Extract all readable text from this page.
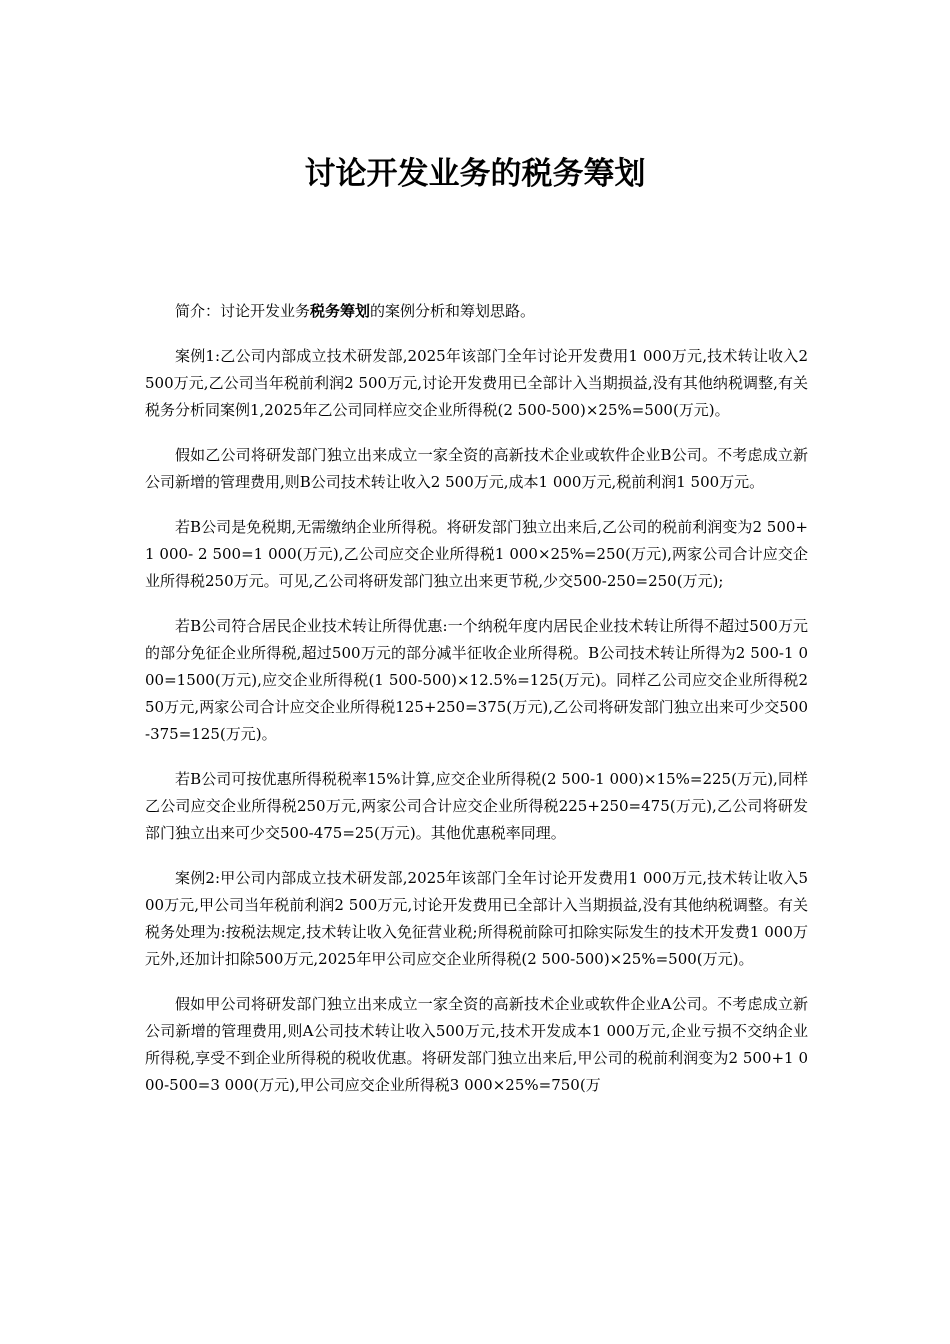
讨论开发业务的税务筹划

简介：讨论开发业务税务筹划的案例分析和筹划思路。

案例1:乙公司内部成立技术研发部,2025年该部门全年讨论开发费用1 000万元,技术转让收入2 500万元,乙公司当年税前利润2 500万元,讨论开发费用已全部计入当期损益,没有其他纳税调整,有关税务分析同案例1,2025年乙公司同样应交企业所得税(2 500-500)×25%=500(万元)。

假如乙公司将研发部门独立出来成立一家全资的高新技术企业或软件企业B公司。不考虑成立新公司新增的管理费用,则B公司技术转让收入2 500万元,成本1 000万元,税前利润1 500万元。

若B公司是免税期,无需缴纳企业所得税。将研发部门独立出来后,乙公司的税前利润变为2 500+1 000- 2 500=1 000(万元),乙公司应交企业所得税1 000×25%=250(万元),两家公司合计应交企业所得税250万元。可见,乙公司将研发部门独立出来更节税,少交500-250=250(万元);

若B公司符合居民企业技术转让所得优惠:一个纳税年度内居民企业技术转让所得不超过500万元的部分免征企业所得税,超过500万元的部分减半征收企业所得税。B公司技术转让所得为2 500-1 000=1500(万元),应交企业所得税(1 500-500)×12.5%=125(万元)。同样乙公司应交企业所得税250万元,两家公司合计应交企业所得税125+250=375(万元),乙公司将研发部门独立出来可少交500-375=125(万元)。

若B公司可按优惠所得税税率15%计算,应交企业所得税(2 500-1 000)×15%=225(万元),同样乙公司应交企业所得税250万元,两家公司合计应交企业所得税225+250=475(万元),乙公司将研发部门独立出来可少交500-475=25(万元)。其他优惠税率同理。

案例2:甲公司内部成立技术研发部,2025年该部门全年讨论开发费用1 000万元,技术转让收入500万元,甲公司当年税前利润2 500万元,讨论开发费用已全部计入当期损益,没有其他纳税调整。有关税务处理为:按税法规定,技术转让收入免征营业税;所得税前除可扣除实际发生的技术开发费1 000万元外,还加计扣除500万元,2025年甲公司应交企业所得税(2 500-500)×25%=500(万元)。

假如甲公司将研发部门独立出来成立一家全资的高新技术企业或软件企业A公司。不考虑成立新公司新增的管理费用,则A公司技术转让收入500万元,技术开发成本1 000万元,企业亏损不交纳企业所得税,享受不到企业所得税的税收优惠。将研发部门独立出来后,甲公司的税前利润变为2 500+1 000-500=3 000(万元),甲公司应交企业所得税3 000×25%=750(万
